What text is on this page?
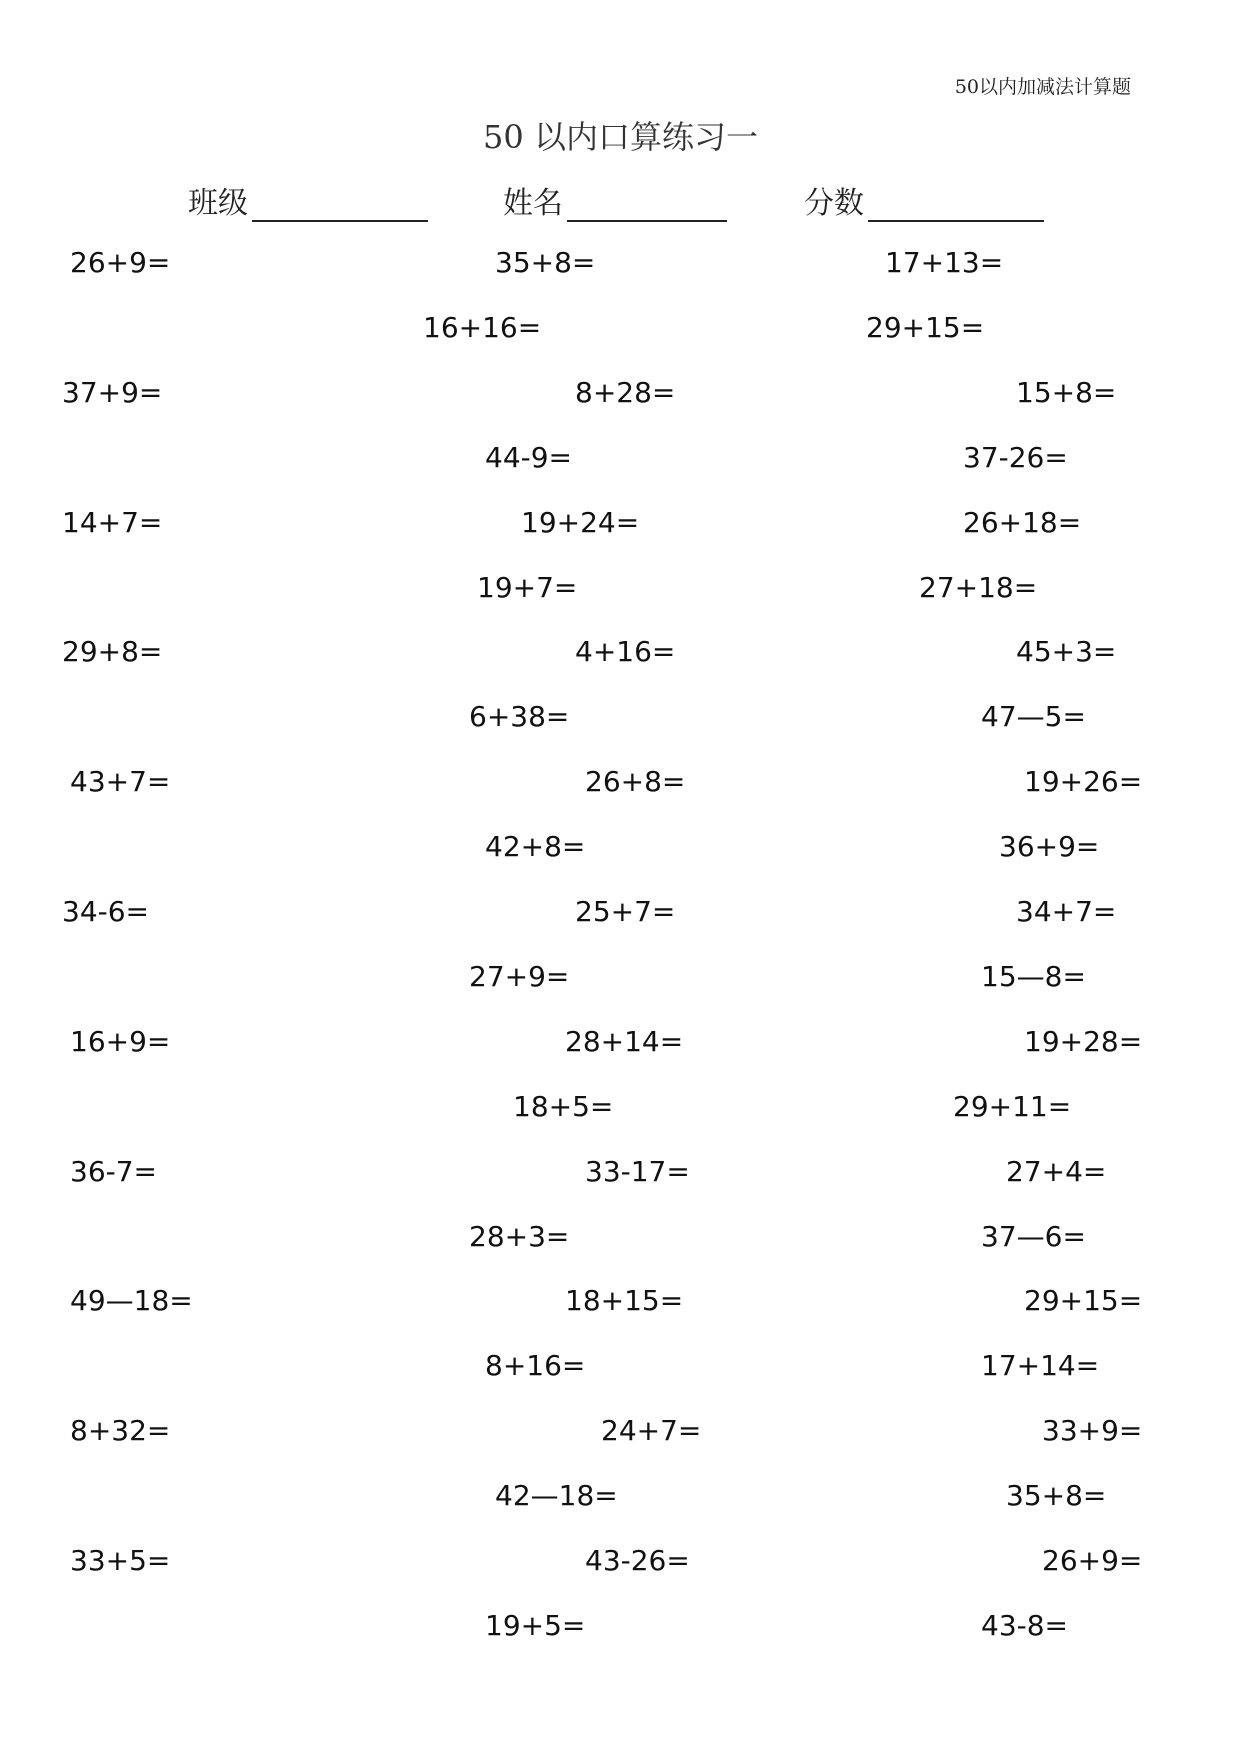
50以内加减法计算题
50 以内口算练习一
班级	姓名	分数
26+9=	35+8=	17+13=
16+16=	29+15=
37+9=	8+28=	15+8=
44-9=	37-26=
14+7=	19+24=	26+18=
19+7=	27+18=
29+8=	4+16=	45+3=
6+38=	47—5=
43+7=	26+8=	19+26=
42+8=	36+9=
34-6=	25+7=	34+7=
27+9=	15—8=
16+9=	28+14=	19+28=
18+5=	29+11=
36-7=	33-17=	27+4=
28+3=	37—6=
49—18=	18+15=	29+15=
8+16=	17+14=
8+32=	24+7=	33+9=
42—18=	35+8=
33+5=	43-26=	26+9=
19+5=	43-8=
